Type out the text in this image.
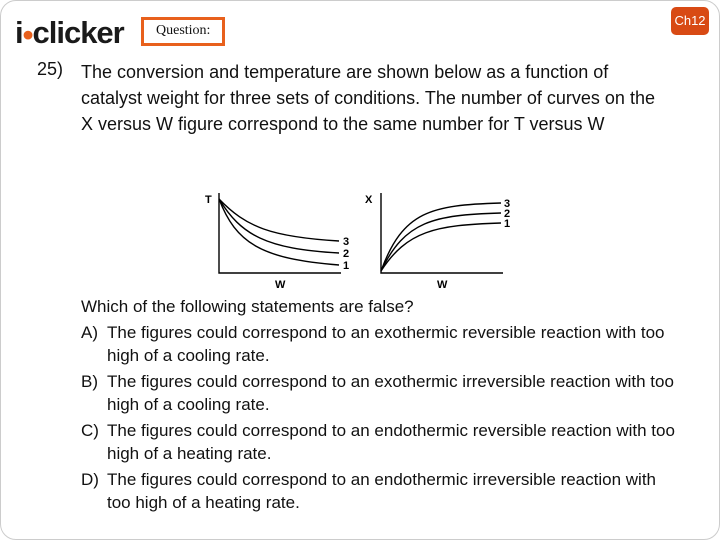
i•clicker	Question:
Ch12
25) The conversion and temperature are shown below as a function of catalyst weight for three sets of conditions. The number of curves on the X versus W figure correspond to the same number for T versus W
T
3
2
1
W
X	3
2
1
W
Which of the following statements are false?
A) The figures could correspond to an exothermic reversible reaction with too high of a cooling rate.
B) The figures could correspond to an exothermic irreversible reaction with too high of a cooling rate.
C) The figures could correspond to an endothermic reversible reaction with too high of a heating rate.
D) The figures could correspond to an endothermic irreversible reaction with too high of a heating rate.
